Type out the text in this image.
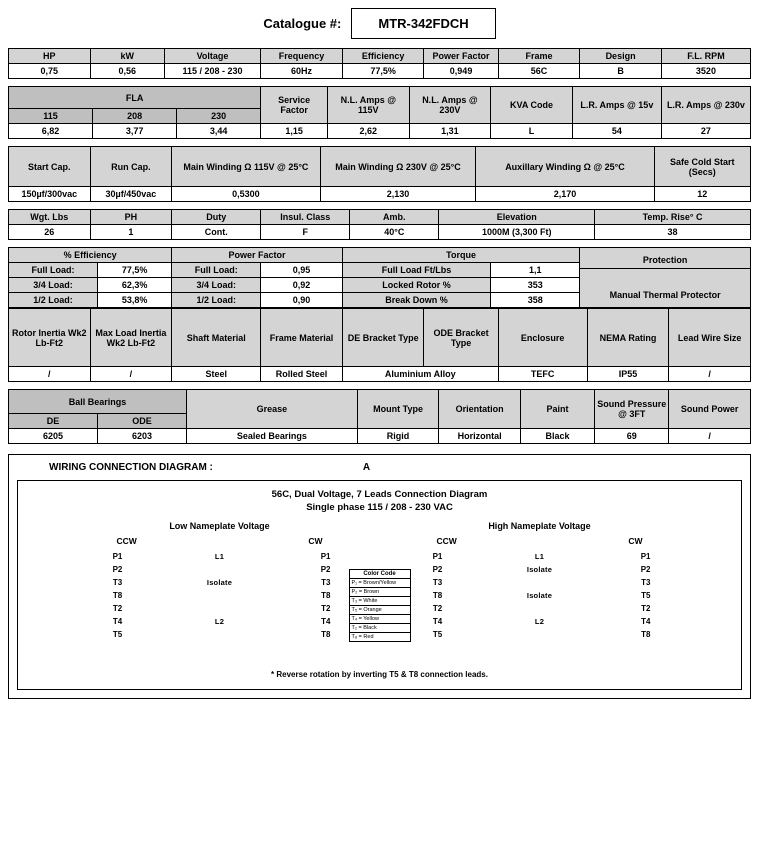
Catalogue #:	MTR-342FDCH
HP	kW	Voltage	Frequency	Efficiency	Power Factor	Frame	Design	F.L. RPM
0,75	0,56	115 / 208 - 230	60Hz	77,5%	0,949	56C	B	3520
FLA			Service Factor	N.L. Amps @ 115V	N.L. Amps @ 230V	KVA Code	L.R. Amps @ 15v	L.R. Amps @ 230v
115	208	230						
6,82	3,77	3,44	1,15	2,62	1,31	L	54	27
Start Cap.	Run Cap.	Main Winding Ω 115V @ 25°C	Main Winding Ω 230V @ 25°C	Auxillary Winding Ω @ 25°C	Safe Cold Start (Secs)
150µf/300vac	30µf/450vac	0,5300	2,130	2,170	12
Wgt. Lbs	PH	Duty	Insul. Class	Amb.	Elevation	Temp. Rise° C
26	1	Cont.	F	40°C	1000M (3,300 Ft)	38
% Efficiency		Power Factor		Torque		Protection
Manual Thermal Protector

Full Load:	77,5%	Full Load:	0,95	Full Load Ft/Lbs	1,1	
3/4 Load:	62,3%	3/4 Load:	0,92	Locked Rotor %	353	
1/2 Load:	53,8%	1/2 Load:	0,90	Break Down %	358	
Rotor Inertia Wk2 Lb-Ft2	Max Load Inertia Wk2 Lb-Ft2	Shaft Material	Frame Material	DE Bracket Type	ODE Bracket Type	Enclosure	NEMA Rating	Lead Wire Size
/	/	Steel	Rolled Steel	Aluminium Alloy		TEFC	IP55	/
Ball Bearings		Grease	Mount Type	Orientation	Paint	Sound Pressure @ 3FT	Sound Power
DE	ODE						
6205	6203	Sealed Bearings	Rigid	Horizontal	Black	69	/
WIRING CONNECTION DIAGRAM :	A
56C, Dual Voltage, 7 Leads Connection Diagram
Single phase 115 / 208 - 230 VAC
Low Nameplate Voltage
CCW	CW
P1	L1	P1
P2	P2
T3	Isolate	T3
T8	T8
T2	T2
T4	L2	T4
T5	T8
Color Code
P₁ = Brown/Yellow
P₂ = Brown
T₃ = White
T₅ = Orange
T₄ = Yellow
T₂ = Black
T₈ = Red
High Nameplate Voltage
CCW	CW
P1	L1	P1
P2	Isolate	P2
T3	T3
T8	Isolate	T5
T2	T2
T4	L2	T4
T5	T8
* Reverse rotation by inverting T5 & T8 connection leads.
